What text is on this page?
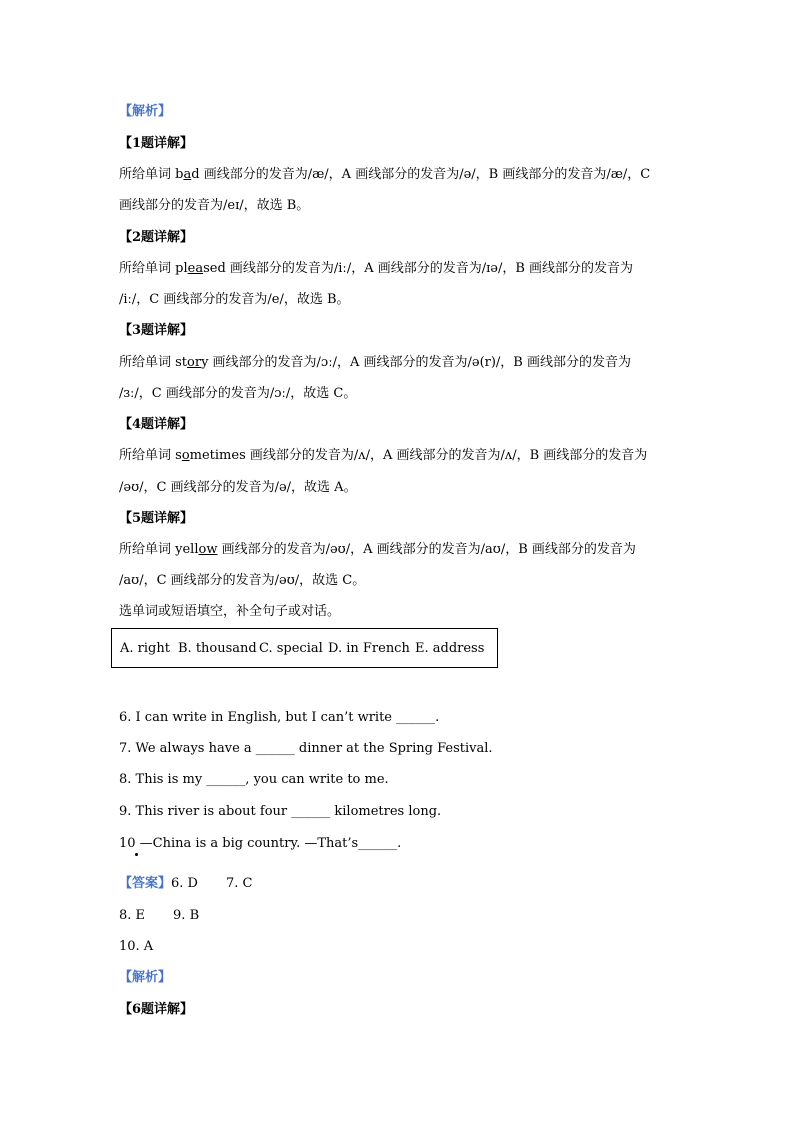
【解析】
【1题详解】
所给单词 bad 画线部分的发音为/æ/，A 画线部分的发音为/ə/，B 画线部分的发音为/æ/，C
画线部分的发音为/eɪ/，故选 B。
【2题详解】
所给单词 pleased 画线部分的发音为/iː/，A 画线部分的发音为/ɪə/，B 画线部分的发音为
/iː/，C 画线部分的发音为/e/，故选 B。
【3题详解】
所给单词 story 画线部分的发音为/ɔː/，A 画线部分的发音为/ə(r)/，B 画线部分的发音为
/ɜː/，C 画线部分的发音为/ɔː/，故选 C。
【4题详解】
所给单词 sometimes 画线部分的发音为/ʌ/，A 画线部分的发音为/ʌ/，B 画线部分的发音为
/əʊ/，C 画线部分的发音为/ə/，故选 A。
【5题详解】
所给单词 yellow 画线部分的发音为/əʊ/，A 画线部分的发音为/aʊ/，B 画线部分的发音为
/aʊ/，C 画线部分的发音为/əʊ/，故选 C。
选单词或短语填空，补全句子或对话。
A. right B. thousand C. special D. in French E. address
6. I can write in English, but I can’t write ______.
7. We always have a ______ dinner at the Spring Festival.
8. This is my ______, you can write to me.
9. This river is about four ______ kilometres long.
10 —China is a big country. —That’s______.
【答案】6. D 7. C
8. E 9. B
10. A
【解析】
【6题详解】
